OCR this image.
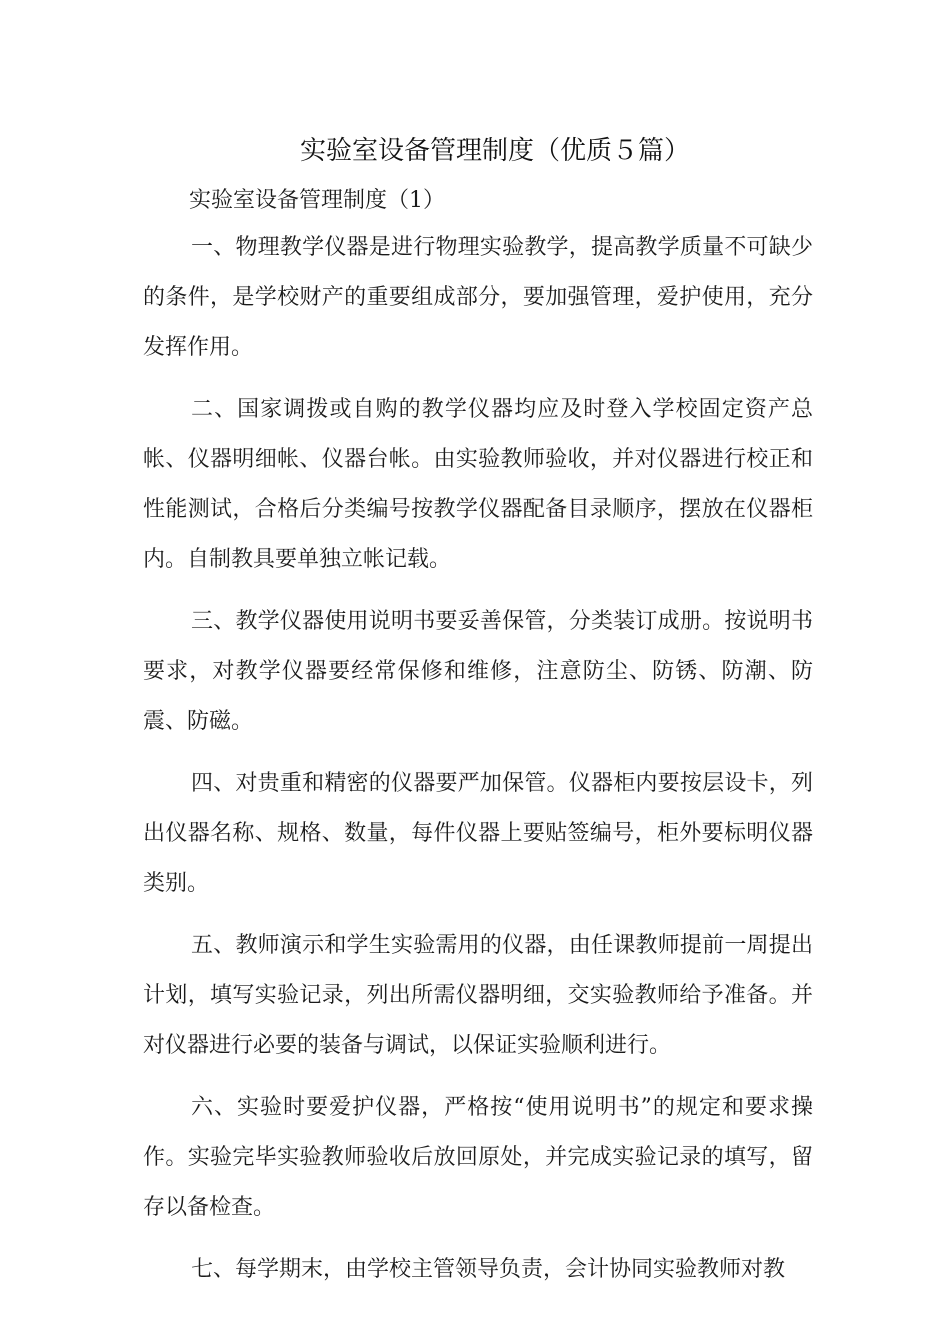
实验室设备管理制度（优质５篇）

实验室设备管理制度（1）

一、物理教学仪器是进行物理实验教学，提高教学质量不可缺少的条件，是学校财产的重要组成部分，要加强管理，爱护使用，充分发挥作用。

二、国家调拨或自购的教学仪器均应及时登入学校固定资产总帐、仪器明细帐、仪器台帐。由实验教师验收，并对仪器进行校正和性能测试，合格后分类编号按教学仪器配备目录顺序，摆放在仪器柜内。自制教具要单独立帐记载。

三、教学仪器使用说明书要妥善保管，分类装订成册。按说明书要求，对教学仪器要经常保修和维修，注意防尘、防锈、防潮、防震、防磁。

四、对贵重和精密的仪器要严加保管。仪器柜内要按层设卡，列出仪器名称、规格、数量，每件仪器上要贴签编号，柜外要标明仪器类别。

五、教师演示和学生实验需用的仪器，由任课教师提前一周提出计划，填写实验记录，列出所需仪器明细，交实验教师给予准备。并对仪器进行必要的装备与调试，以保证实验顺利进行。

六、实验时要爱护仪器，严格按“使用说明书”的规定和要求操作。实验完毕实验教师验收后放回原处，并完成实验记录的填写，留存以备检查。

七、每学期末，由学校主管领导负责，会计协同实验教师对教
